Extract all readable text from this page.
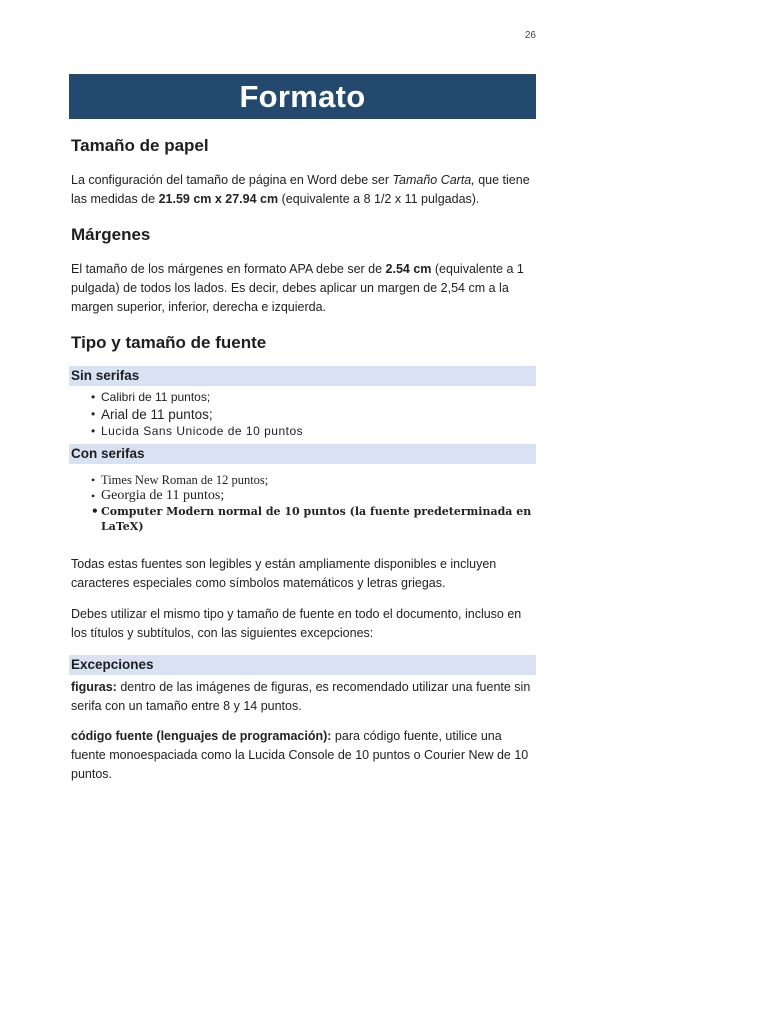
26
Formato
Tamaño de papel

La configuración del tamaño de página en Word debe ser Tamaño Carta, que tiene las medidas de 21.59 cm x 27.94 cm (equivalente a 8 1/2 x 11 pulgadas).

Márgenes

El tamaño de los márgenes en formato APA debe ser de 2.54 cm (equivalente a 1 pulgada) de todos los lados. Es decir, debes aplicar un margen de 2,54 cm a la margen superior, inferior, derecha e izquierda.

Tipo y tamaño de fuente
Sin serifas
• Calibri de 11 puntos;
• Arial de 11 puntos;
• Lucida Sans Unicode de 10 puntos
Con serifas
• Times New Roman de 12 puntos;
• Georgia de 11 puntos;
• Computer Modern normal de 10 puntos (la fuente predeterminada en LaTeX)

Todas estas fuentes son legibles y están ampliamente disponibles e incluyen caracteres especiales como símbolos matemáticos y letras griegas.

Debes utilizar el mismo tipo y tamaño de fuente en todo el documento, incluso en los títulos y subtítulos, con las siguientes excepciones:

Excepciones

figuras: dentro de las imágenes de figuras, es recomendado utilizar una fuente sin serifa con un tamaño entre 8 y 14 puntos.

código fuente (lenguajes de programación): para código fuente, utilice una fuente monoespaciada como la Lucida Console de 10 puntos o Courier New de 10 puntos.
